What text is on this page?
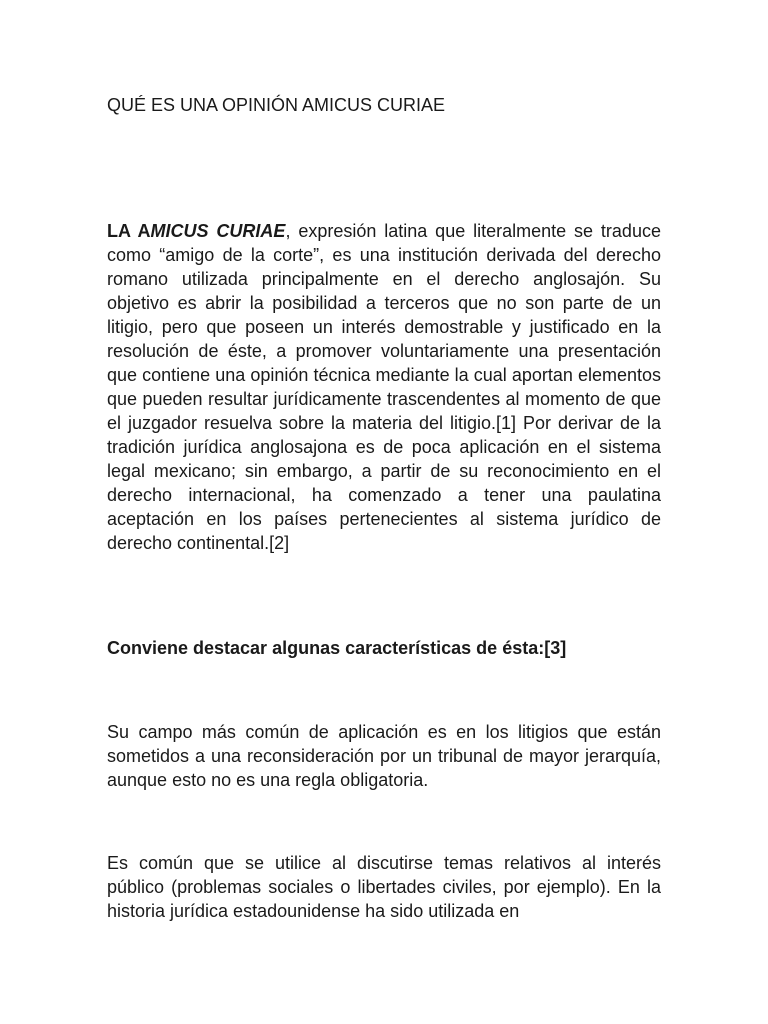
QUÉ ES UNA OPINIÓN AMICUS CURIAE

LA AMICUS CURIAE, expresión latina que literalmente se traduce como “amigo de la corte”, es una institución derivada del derecho romano utilizada principalmente en el derecho anglosajón. Su objetivo es abrir la posibilidad a terceros que no son parte de un litigio, pero que poseen un interés demostrable y justificado en la resolución de éste, a promover voluntariamente una presentación que contiene una opinión técnica mediante la cual aportan elementos que pueden resultar jurídicamente trascendentes al momento de que el juzgador resuelva sobre la materia del litigio.[1] Por derivar de la tradición jurídica anglosajona es de poca aplicación en el sistema legal mexicano; sin embargo, a partir de su reconocimiento en el derecho internacional, ha comenzado a tener una paulatina aceptación en los países pertenecientes al sistema jurídico de derecho continental.[2]

Conviene destacar algunas características de ésta:[3]

Su campo más común de aplicación es en los litigios que están sometidos a una reconsideración por un tribunal de mayor jerarquía, aunque esto no es una regla obligatoria.

Es común que se utilice al discutirse temas relativos al interés público (problemas sociales o libertades civiles, por ejemplo). En la historia jurídica estadounidense ha sido utilizada en
